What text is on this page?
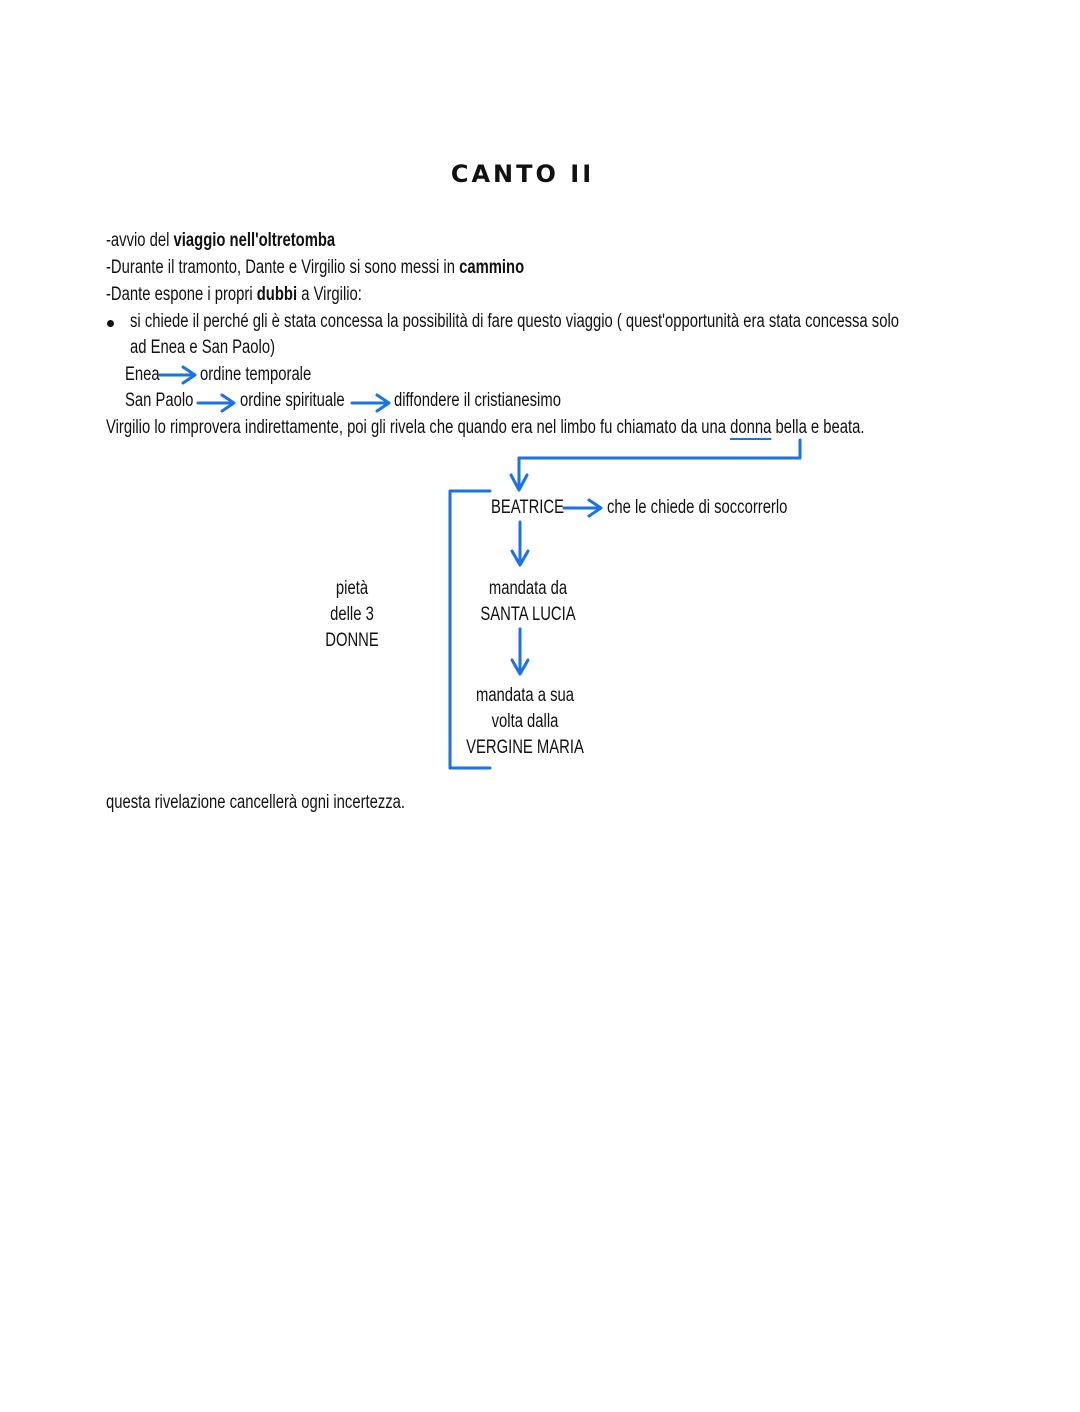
CANTO II
-avvio del viaggio nell'oltretomba
-Durante il tramonto, Dante e Virgilio si sono messi in cammino
-Dante espone i propri dubbi a Virgilio:
si chiede il perché gli è stata concessa la possibilità di fare questo viaggio ( quest'opportunità era stata concessa solo
ad Enea e San Paolo)
Enea	ordine temporale
San Paolo	ordine spirituale	diffondere il cristianesimo
Virgilio lo rimprovera indirettamente, poi gli rivela che quando era nel limbo fu chiamato da una donna bella e beata.
BEATRICE	che le chiede di soccorrerlo
mandata da
SANTA LUCIA
mandata a sua
volta dalla
VERGINE MARIA
pietà
delle 3
DONNE
questa rivelazione cancellerà ogni incertezza.
